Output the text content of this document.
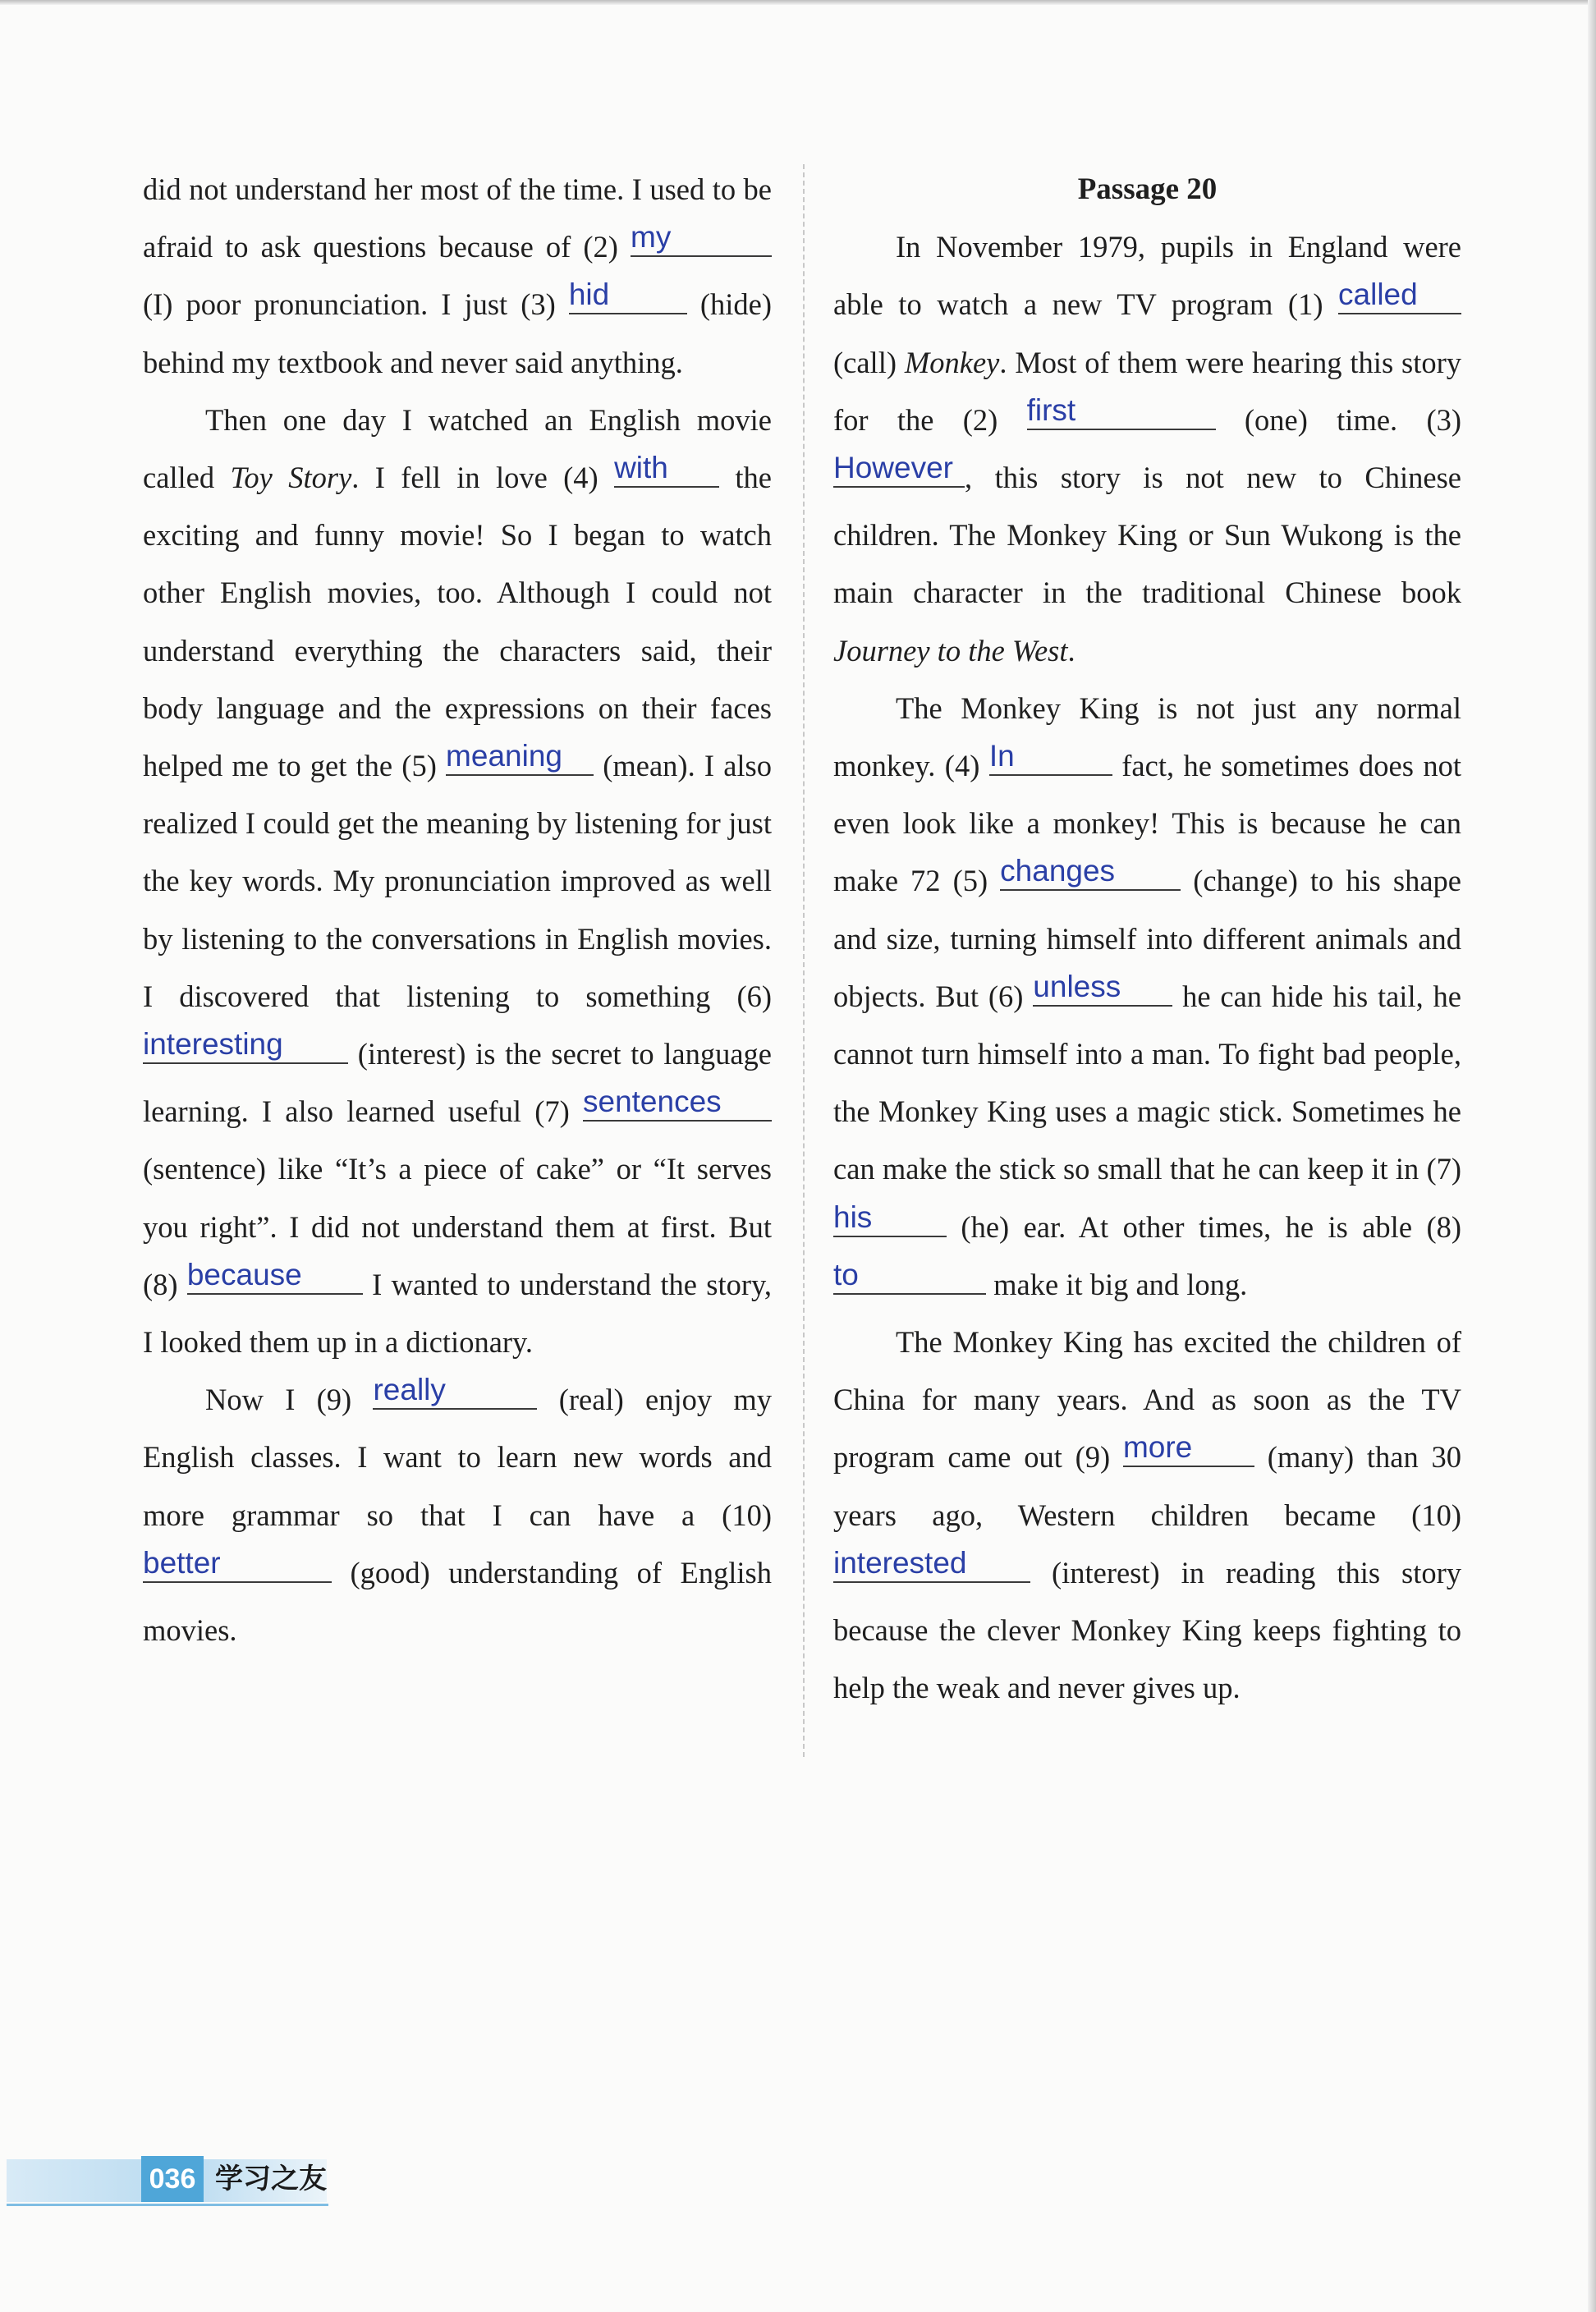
did not understand her most of the time. I used to be afraid to ask questions because of (2) my
(I) poor pronunciation. I just (3) hid	(hide) behind my textbook and never said anything.

Then one day I watched an English movie called Toy Story. I fell in love (4) with	the exciting and funny movie! So I began to watch other English movies, too. Although I could not understand everything the characters said, their body language and the expressions on their faces helped me to get the (5) meaning	(mean). I also realized I could get the meaning by listening for just the key words. My pronunciation improved as well by listening to the conversations in English movies. I discovered that listening to something (6)
interesting	(interest) is the secret to language learning. I also learned useful (7) sentences
(sentence) like “It’s a piece of cake” or “It serves you right”. I did not understand them at first. But (8) because	I wanted to understand the story, I looked them up in a dictionary.

Now I (9) really	(real) enjoy my English classes. I want to learn new words and more grammar so that I can have a (10)
better	(good) understanding of English movies.

Passage 20

In November 1979, pupils in England were able to watch a new TV program (1) called
(call) Monkey. Most of them were hearing this story for the (2) first	(one) time. (3)
However , this story is not new to Chinese children. The Monkey King or Sun Wukong is the main character in the traditional Chinese book Journey to the West.

The Monkey King is not just any normal monkey. (4) In	fact, he sometimes does not even look like a monkey! This is because he can make 72 (5) changes	(change) to his shape and size, turning himself into different animals and objects. But (6) unless	he can hide his tail, he cannot turn himself into a man. To fight bad people, the Monkey King uses a magic stick. Sometimes he can make the stick so small that he can keep it in (7)
his	(he) ear. At other times, he is able (8)
to	make it big and long.

The Monkey King has excited the children of China for many years. And as soon as the TV program came out (9) more	(many) than 30 years ago, Western children became (10)
interested	(interest) in reading this story because the clever Monkey King keeps fighting to help the weak and never gives up.

036 学习之友
